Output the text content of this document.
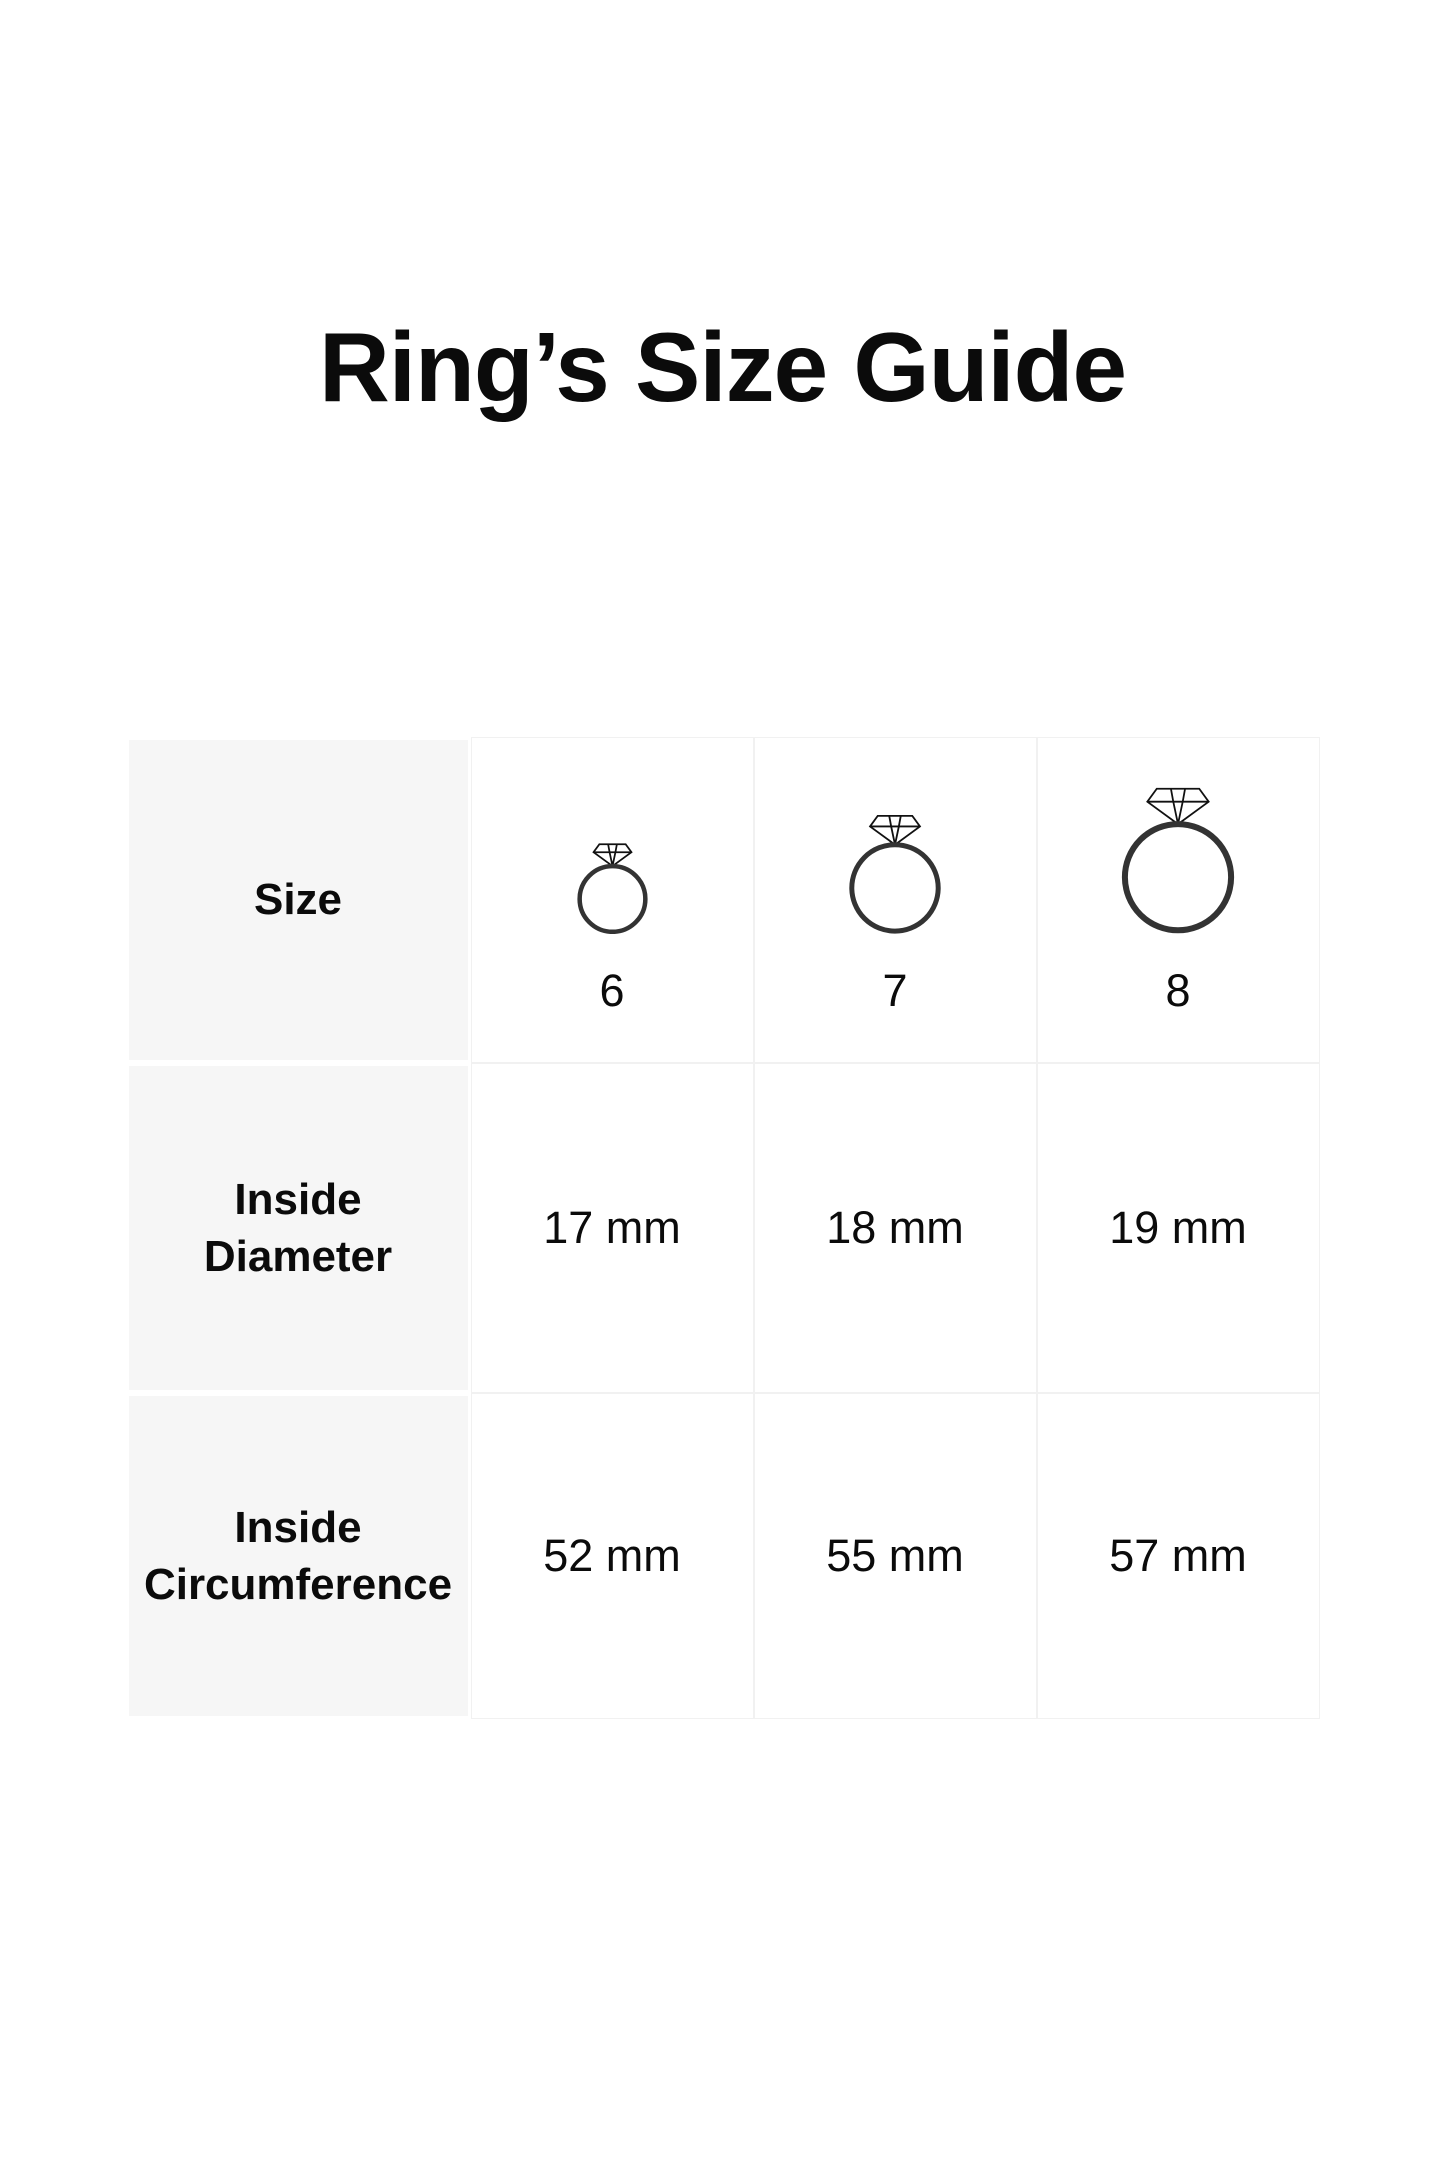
Ring’s Size Guide
Size
6	7	8
Inside Diameter
17 mm	18 mm	19 mm
Inside Circumference
52 mm	55 mm	57 mm
